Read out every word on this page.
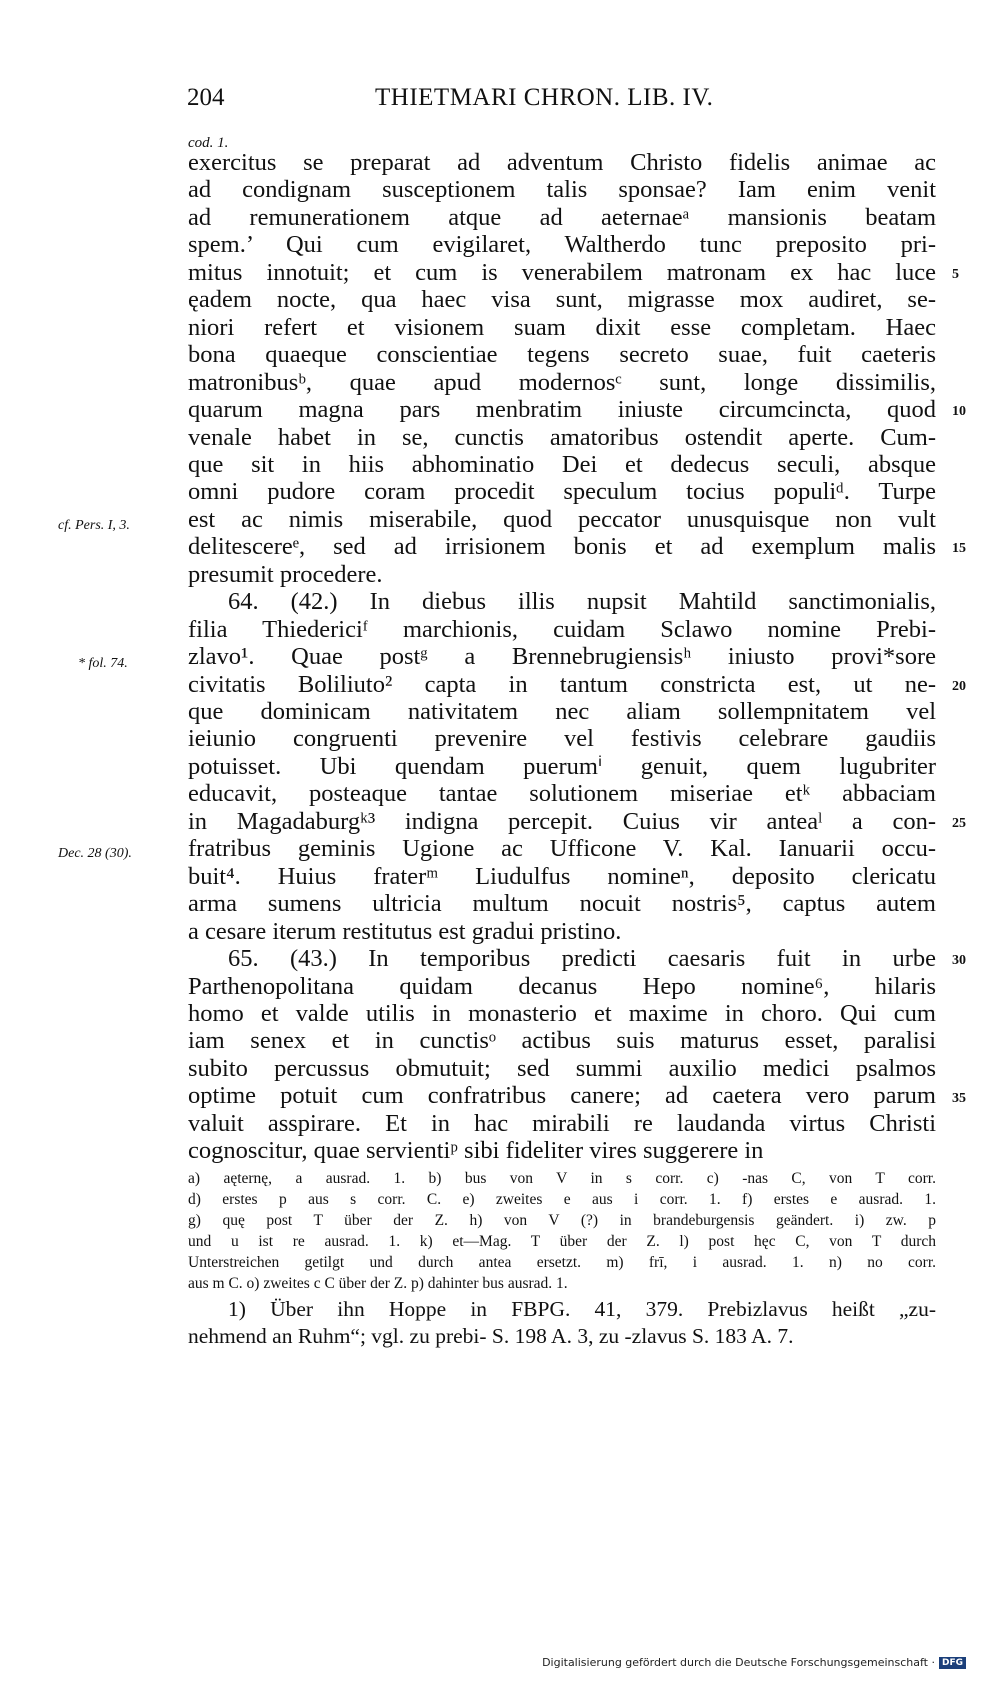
204	THIETMARI CHRON. LIB. IV.
cod. 1.
exercitus se preparat ad adventum Christo fidelis animae ac
ad condignam susceptionem talis sponsae? Iam enim venit
ad remunerationem atque ad aeternaeᵃ mansionis beatam
spem.’ Qui cum evigilaret, Waltherdo tunc preposito pri-
mitus innotuit; et cum is venerabilem matronam ex hac luce
ęadem nocte, qua haec visa sunt, migrasse mox audiret, se-
niori refert et visionem suam dixit esse completam. Haec
bona quaeque conscientiae tegens secreto suae, fuit caeteris
matronibusᵇ, quae apud modernosᶜ sunt, longe dissimilis,
quarum magna pars menbratim iniuste circumcincta, quod
venale habet in se, cunctis amatoribus ostendit aperte. Cum-
que sit in hiis abhominatio Dei et dedecus seculi, absque
omni pudore coram procedit speculum tocius populiᵈ. Turpe
est ac nimis miserabile, quod peccator unusquisque non vult
delitescereᵉ, sed ad irrisionem bonis et ad exemplum malis
presumit procedere.
64. (42.) In diebus illis nupsit Mahtild sanctimonialis,
filia Thiedericiᶠ marchionis, cuidam Sclawo nomine Prebi-
zlavo¹. Quae postᵍ a Brennebrugiensisʰ iniusto provi*sore
civitatis Boliliuto² capta in tantum constricta est, ut ne-
que dominicam nativitatem nec aliam sollempnitatem vel
ieiunio congruenti prevenire vel festivis celebrare gaudiis
potuisset. Ubi quendam puerumⁱ genuit, quem lugubriter
educavit, posteaque tantae solutionem miseriae etᵏ abbaciam
in Magadaburgᵏ³ indigna percepit. Cuius vir anteaˡ a con-
fratribus geminis Ugione ac Ufficone V. Kal. Ianuarii occu-
buit⁴. Huius fraterᵐ Liudulfus nomineⁿ, deposito clericatu
arma sumens ultricia multum nocuit nostris⁵, captus autem
a cesare iterum restitutus est gradui pristino.
65. (43.) In temporibus predicti caesaris fuit in urbe
Parthenopolitana quidam decanus Hepo nomine⁶, hilaris
homo et valde utilis in monasterio et maxime in choro. Qui cum
iam senex et in cunctisᵒ actibus suis maturus esset, paralisi
subito percussus obmutuit; sed summi auxilio medici psalmos
optime potuit cum confratribus canere; ad caetera vero parum
valuit asspirare. Et in hac mirabili re laudanda virtus Christi
cognoscitur, quae servientiᵖ sibi fideliter vires suggerere in
cf. Pers. I, 3.
* fol. 74.
Dec. 28 (30).
5
10
15
20
25
30
35
a) aęternę, a ausrad. 1. b) bus von V in s corr. c) -nas C, von T corr.
d) erstes p aus s corr. C. e) zweites e aus i corr. 1. f) erstes e ausrad. 1.
g) quę post T über der Z. h) von V (?) in brandeburgensis geändert. i) zw. p
und u ist re ausrad. 1. k) et—Mag. T über der Z. l) post hęc C, von T durch
Unterstreichen getilgt und durch antea ersetzt. m) frī, i ausrad. 1. n) no corr.
aus m C. o) zweites c C über der Z. p) dahinter bus ausrad. 1.
1) Über ihn Hoppe in FBPG. 41, 379. Prebizlavus heißt „zu-
nehmend an Ruhm“; vgl. zu prebi- S. 198 A. 3, zu -zlavus S. 183 A. 7.
Digitalisierung gefördert durch die Deutsche Forschungsgemeinschaft · DFG
